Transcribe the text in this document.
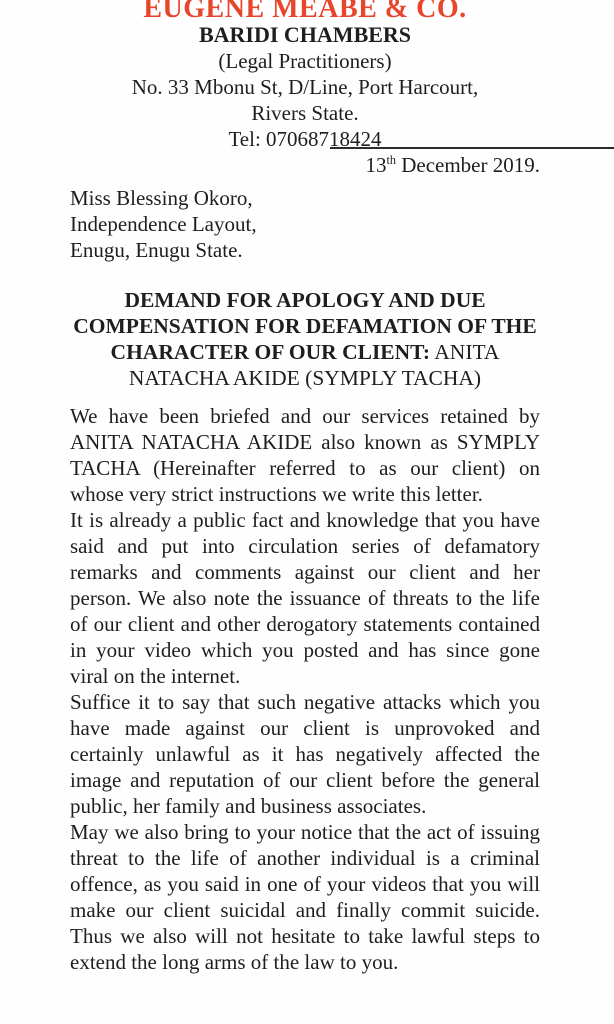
EUGENE MEABE & CO.
BARIDI CHAMBERS
(Legal Practitioners)
No. 33 Mbonu St, D/Line, Port Harcourt,
Rivers State.
Tel: 07068718424
13th December 2019.
Miss Blessing Okoro,
Independence Layout,
Enugu, Enugu State.
DEMAND FOR APOLOGY AND DUE COMPENSATION FOR DEFAMATION OF THE CHARACTER OF OUR CLIENT: ANITA NATACHA AKIDE (SYMPLY TACHA)

We have been briefed and our services retained by ANITA NATACHA AKIDE also known as SYMPLY TACHA (Hereinafter referred to as our client) on whose very strict instructions we write this letter.

It is already a public fact and knowledge that you have said and put into circulation series of defamatory remarks and comments against our client and her person. We also note the issuance of threats to the life of our client and other derogatory statements contained in your video which you posted and has since gone viral on the internet.

Suffice it to say that such negative attacks which you have made against our client is unprovoked and certainly unlawful as it has negatively affected the image and reputation of our client before the general public, her family and business associates.

May we also bring to your notice that the act of issuing threat to the life of another individual is a criminal offence, as you said in one of your videos that you will make our client suicidal and finally commit suicide. Thus we also will not hesitate to take lawful steps to extend the long arms of the law to you.
